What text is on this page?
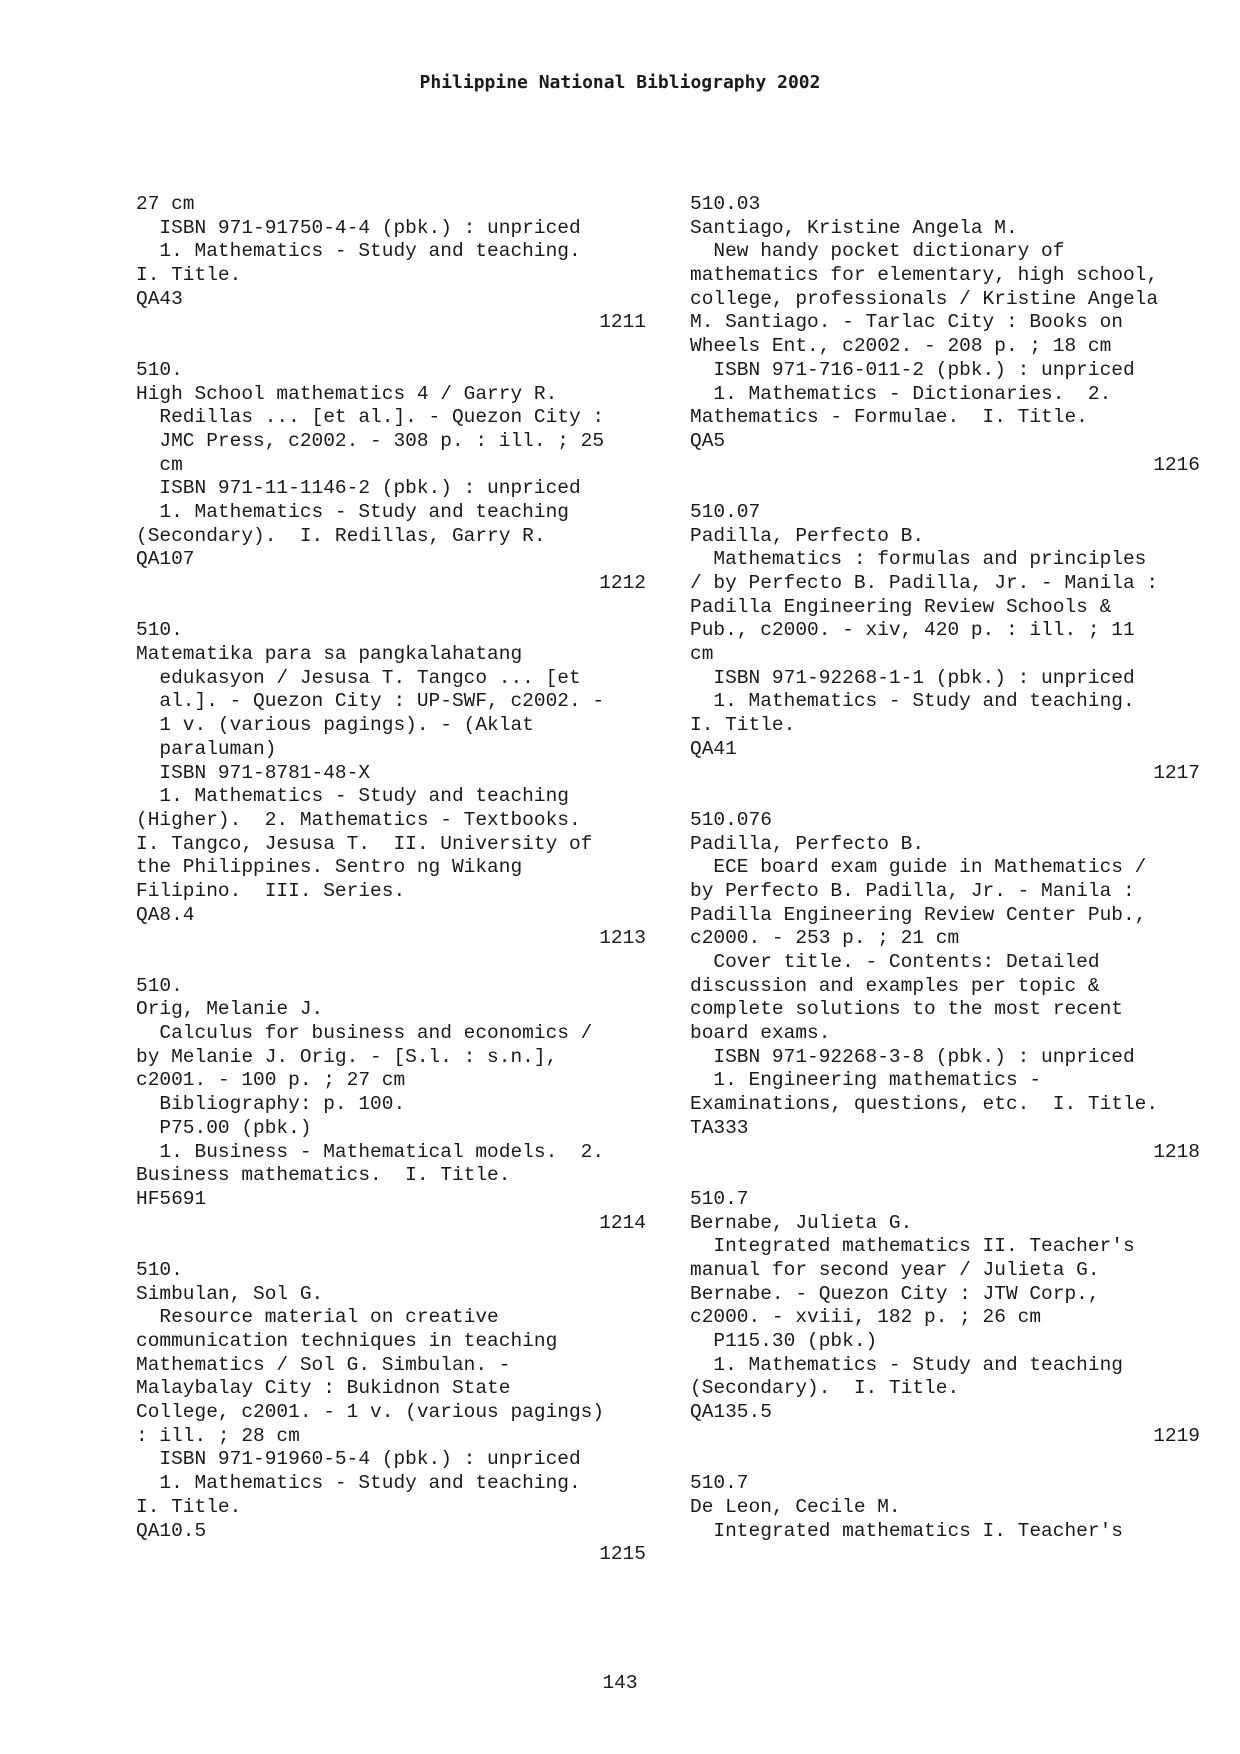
Philippine National Bibliography 2002
27 cm
ISBN 971-91750-4-4 (pbk.) : unpriced
1. Mathematics - Study and teaching.
I. Title.
QA43
1211
510.
High School mathematics 4 / Garry R.
Redillas ... [et al.]. - Quezon City :
JMC Press, c2002. - 308 p. : ill. ; 25
cm
ISBN 971-11-1146-2 (pbk.) : unpriced
1. Mathematics - Study and teaching
(Secondary).  I. Redillas, Garry R.
QA107
1212
510.
Matematika para sa pangkalahatang
edukasyon / Jesusa T. Tangco ... [et
al.]. - Quezon City : UP-SWF, c2002. -
1 v. (various pagings). - (Aklat
paraluman)
ISBN 971-8781-48-X
1. Mathematics - Study and teaching
(Higher).  2. Mathematics - Textbooks.
I. Tangco, Jesusa T.  II. University of
the Philippines. Sentro ng Wikang
Filipino.  III. Series.
QA8.4
1213
510.
Orig, Melanie J.
Calculus for business and economics /
by Melanie J. Orig. - [S.l. : s.n.],
c2001. - 100 p. ; 27 cm
Bibliography: p. 100.
P75.00 (pbk.)
1. Business - Mathematical models.  2.
Business mathematics.  I. Title.
HF5691
1214
510.
Simbulan, Sol G.
Resource material on creative
communication techniques in teaching
Mathematics / Sol G. Simbulan. -
Malaybalay City : Bukidnon State
College, c2001. - 1 v. (various pagings)
: ill. ; 28 cm
ISBN 971-91960-5-4 (pbk.) : unpriced
1. Mathematics - Study and teaching.
I. Title.
QA10.5
1215
510.03
Santiago, Kristine Angela M.
New handy pocket dictionary of
mathematics for elementary, high school,
college, professionals / Kristine Angela
M. Santiago. - Tarlac City : Books on
Wheels Ent., c2002. - 208 p. ; 18 cm
ISBN 971-716-011-2 (pbk.) : unpriced
1. Mathematics - Dictionaries.  2.
Mathematics - Formulae.  I. Title.
QA5
1216
510.07
Padilla, Perfecto B.
Mathematics : formulas and principles
/ by Perfecto B. Padilla, Jr. - Manila :
Padilla Engineering Review Schools &
Pub., c2000. - xiv, 420 p. : ill. ; 11
cm
ISBN 971-92268-1-1 (pbk.) : unpriced
1. Mathematics - Study and teaching.
I. Title.
QA41
1217
510.076
Padilla, Perfecto B.
ECE board exam guide in Mathematics /
by Perfecto B. Padilla, Jr. - Manila :
Padilla Engineering Review Center Pub.,
c2000. - 253 p. ; 21 cm
Cover title. - Contents: Detailed
discussion and examples per topic &
complete solutions to the most recent
board exams.
ISBN 971-92268-3-8 (pbk.) : unpriced
1. Engineering mathematics -
Examinations, questions, etc.  I. Title.
TA333
1218
510.7
Bernabe, Julieta G.
Integrated mathematics II. Teacher's
manual for second year / Julieta G.
Bernabe. - Quezon City : JTW Corp.,
c2000. - xviii, 182 p. ; 26 cm
P115.30 (pbk.)
1. Mathematics - Study and teaching
(Secondary).  I. Title.
QA135.5
1219
510.7
De Leon, Cecile M.
Integrated mathematics I. Teacher's
143
